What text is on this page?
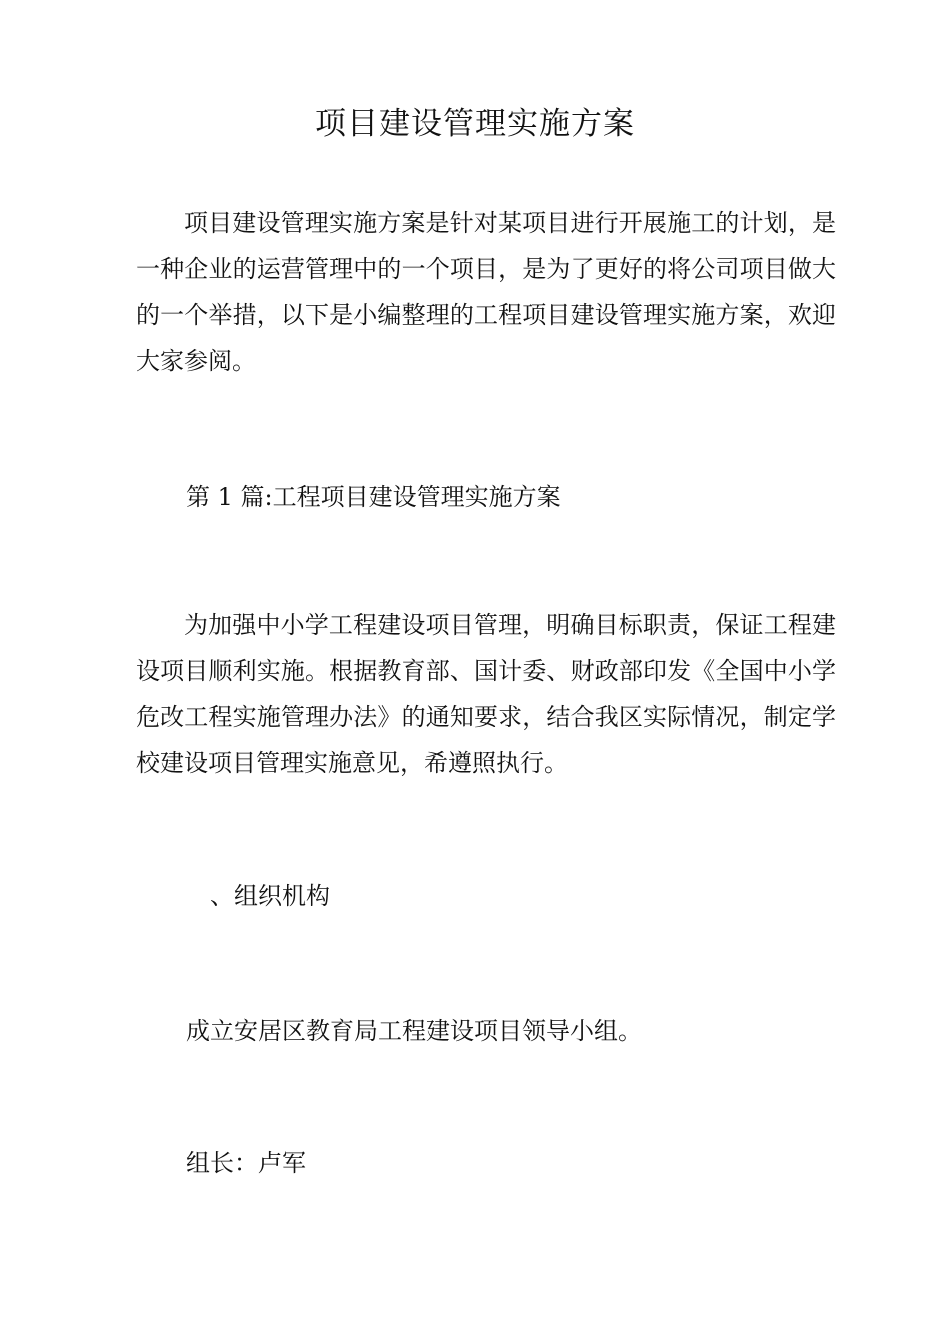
项目建设管理实施方案

项目建设管理实施方案是针对某项目进行开展施工的计划，是一种企业的运营管理中的一个项目，是为了更好的将公司项目做大的一个举措，以下是小编整理的工程项目建设管理实施方案，欢迎大家参阅。

第 1 篇:工程项目建设管理实施方案

为加强中小学工程建设项目管理，明确目标职责，保证工程建设项目顺利实施。根据教育部、国计委、财政部印发《全国中小学危改工程实施管理办法》的通知要求，结合我区实际情况，制定学校建设项目管理实施意见，希遵照执行。

、组织机构

成立安居区教育局工程建设项目领导小组。

组长：卢军
